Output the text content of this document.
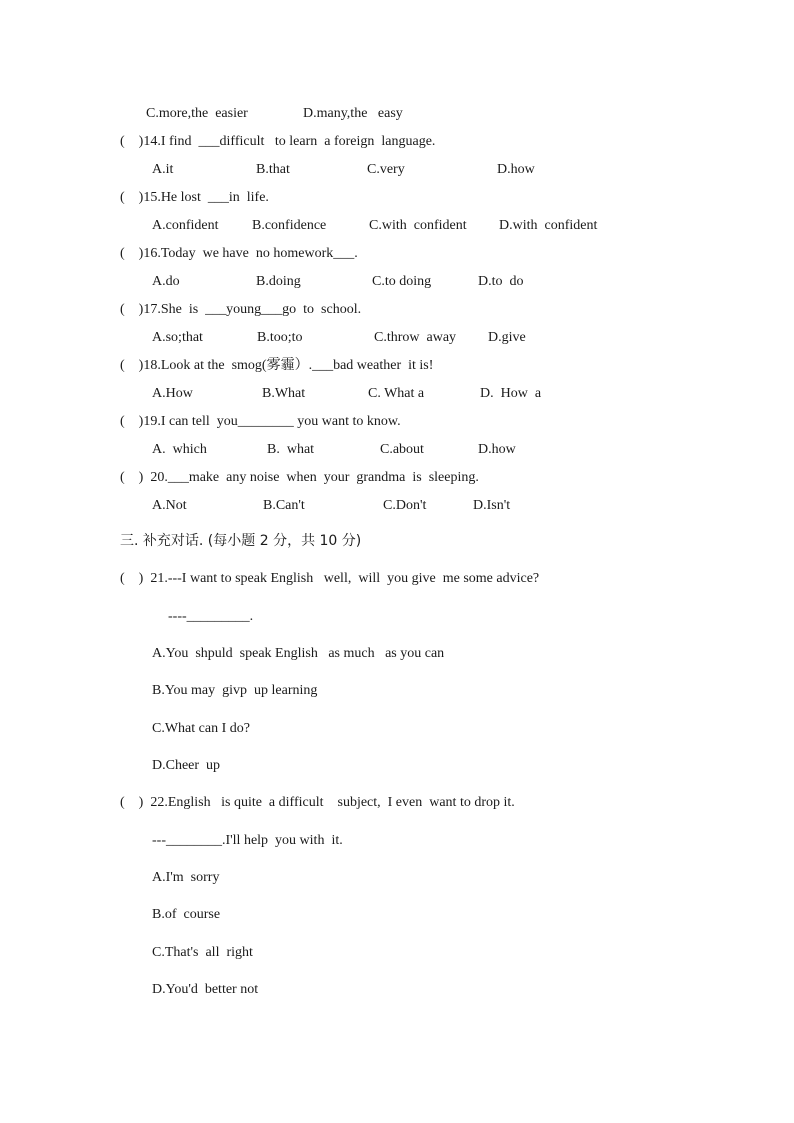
C.more,the  easier	D.many,the   easy
(    )14.I find  ___difficult   to learn  a foreign  language.
A.it	B.that	C.very	D.how
(    )15.He lost  ___in  life.
A.confident B.confidence	C.with  confident D.with  confident
(    )16.Today  we have  no homework___.
A.do	B.doing	C.to doing	D.to  do
(    )17.She  is  ___young___go  to  school.
A.so;that	B.too;to	C.throw  away D.give
(    )18.Look at the  smog(雾霾）.___bad weather  it is!
A.How	B.What	C. What a	D.  How  a
(    )19.I can tell  you________ you want to know.
A.  which	B.  what	C.about	D.how
(    )  20.___make  any noise  when  your  grandma  is  sleeping.
A.Not	B.Can't	C.Don't	D.Isn't
三. 补充对话. (每小题 2 分，共 10 分)
(    )  21.---I want to speak English   well,  will  you give  me some advice?
----_________.
A.You  shpuld  speak English   as much   as you can
B.You may  givp  up learning
C.What can I do?
D.Cheer  up
(    )  22.English   is quite  a difficult    subject,  I even  want to drop it.
---________.I'll help  you with  it.
A.I'm  sorry
B.of  course
C.That's  all  right
D.You'd  better not
